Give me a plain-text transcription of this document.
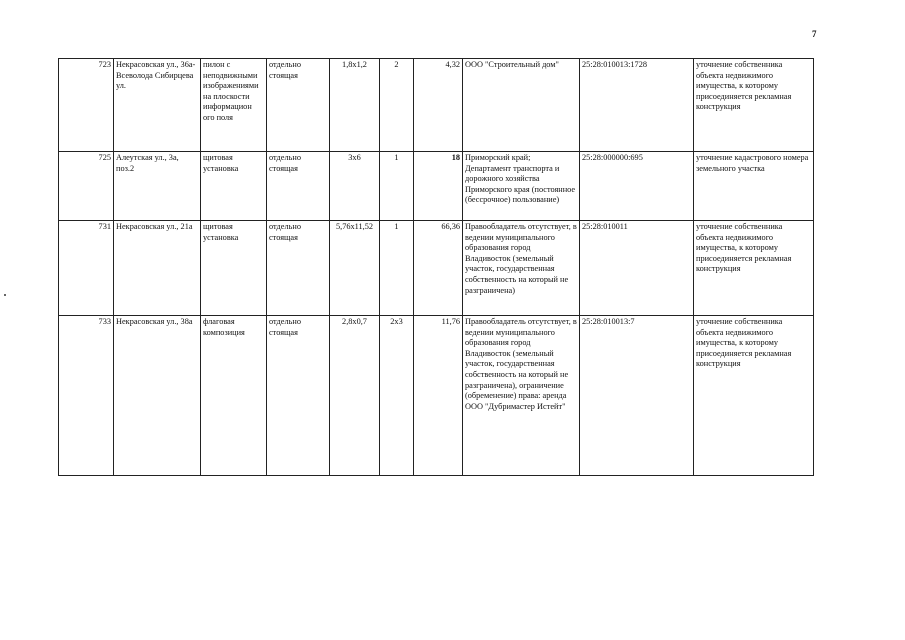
7
723	Некрасовская ул., 36а-Всеволода Сибирцева ул.	пилон с неподвижными изображениями на плоскости информацион ого поля	отдельно стоящая	1,8х1,2	2	4,32	ООО "Строительный дом"	25:28:010013:1728	уточнение собственника объекта недвижимого имущества, к которому присоединяется рекламная конструкция
725	Алеутская ул., 3а, поз.2	щитовая установка	отдельно стоящая	3х6	1	18	Приморский край; Департамент транспорта и дорожного хозяйства Приморского края (постоянное (бессрочное) пользование)	25:28:000000:695	уточнение кадастрового номера земельного участка
731	Некрасовская ул., 21а	щитовая установка	отдельно стоящая	5,76х11,52	1	66,36	Правообладатель отсутствует, в ведении муниципального образования город Владивосток (земельный участок, государственная собственность на который не разграничена)	25:28:010011	уточнение собственника объекта недвижимого имущества, к которому присоединяется рекламная конструкция
733	Некрасовская ул., 38а	флаговая композиция	отдельно стоящая	2,8х0,7	2х3	11,76	Правообладатель отсутствует, в ведении муниципального образования город Владивосток (земельный участок, государственная собственность на который не разграничена), ограничение (обременение) права: аренда ООО "Дубримастер Истейт"	25:28:010013:7	уточнение собственника объекта недвижимого имущества, к которому присоединяется рекламная конструкция
